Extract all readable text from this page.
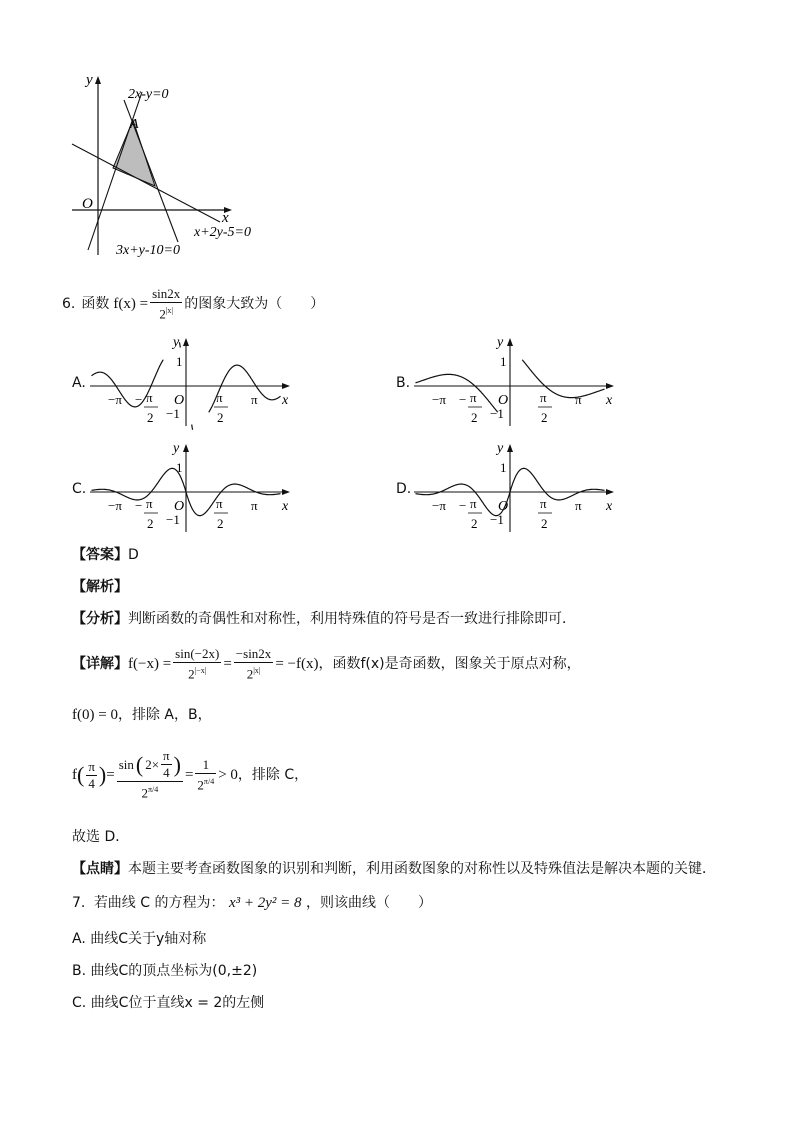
y
x
O
A
2x-y=0
x+2y-5=0
3x+y-10=0
6. 函数 $f(x) = \frac{\sin 2x}{2^{|x|}}$ 的图象大致为（　　）
A.	B.
C.	D.
y
x
O
1
−1
−π	π
− π
2
π
2
y
x
O
1
−1
−π	π
− π
2
π
2
y
x
O
1
−1
−π	π
− π
2
π
2
y
x
O
1
−1
−π	π
− π
2
π
2
【答案】D
【解析】
【分析】判断函数的奇偶性和对称性，利用特殊值的符号是否一致进行排除即可．
【详解】 $f(-x) = \frac{\sin(-2x)}{2^{|-x|}} = \frac{-\sin 2x}{2^{|x|}} = -f(x)$ ，函数f(x)是奇函数，图象关于原点对称，
f(0) = 0，排除 A，B，
f ( $\frac{\pi}{4}$ ) = $\frac{\sin ( 2\times \frac{\pi}{4} )}{2^{\pi/4}} = \frac{1}{2^{\pi/4}} > 0$ ，排除 C，
故选 D．
【点睛】本题主要考查函数图象的识别和判断，利用函数图象的对称性以及特殊值法是解决本题的关键．
7. 若曲线 C 的方程为： x³ + 2y² = 8 ，则该曲线（　　）
A. 曲线C关于y轴对称
B. 曲线C的顶点坐标为(0,±2)
C. 曲线C位于直线x = 2的左侧
